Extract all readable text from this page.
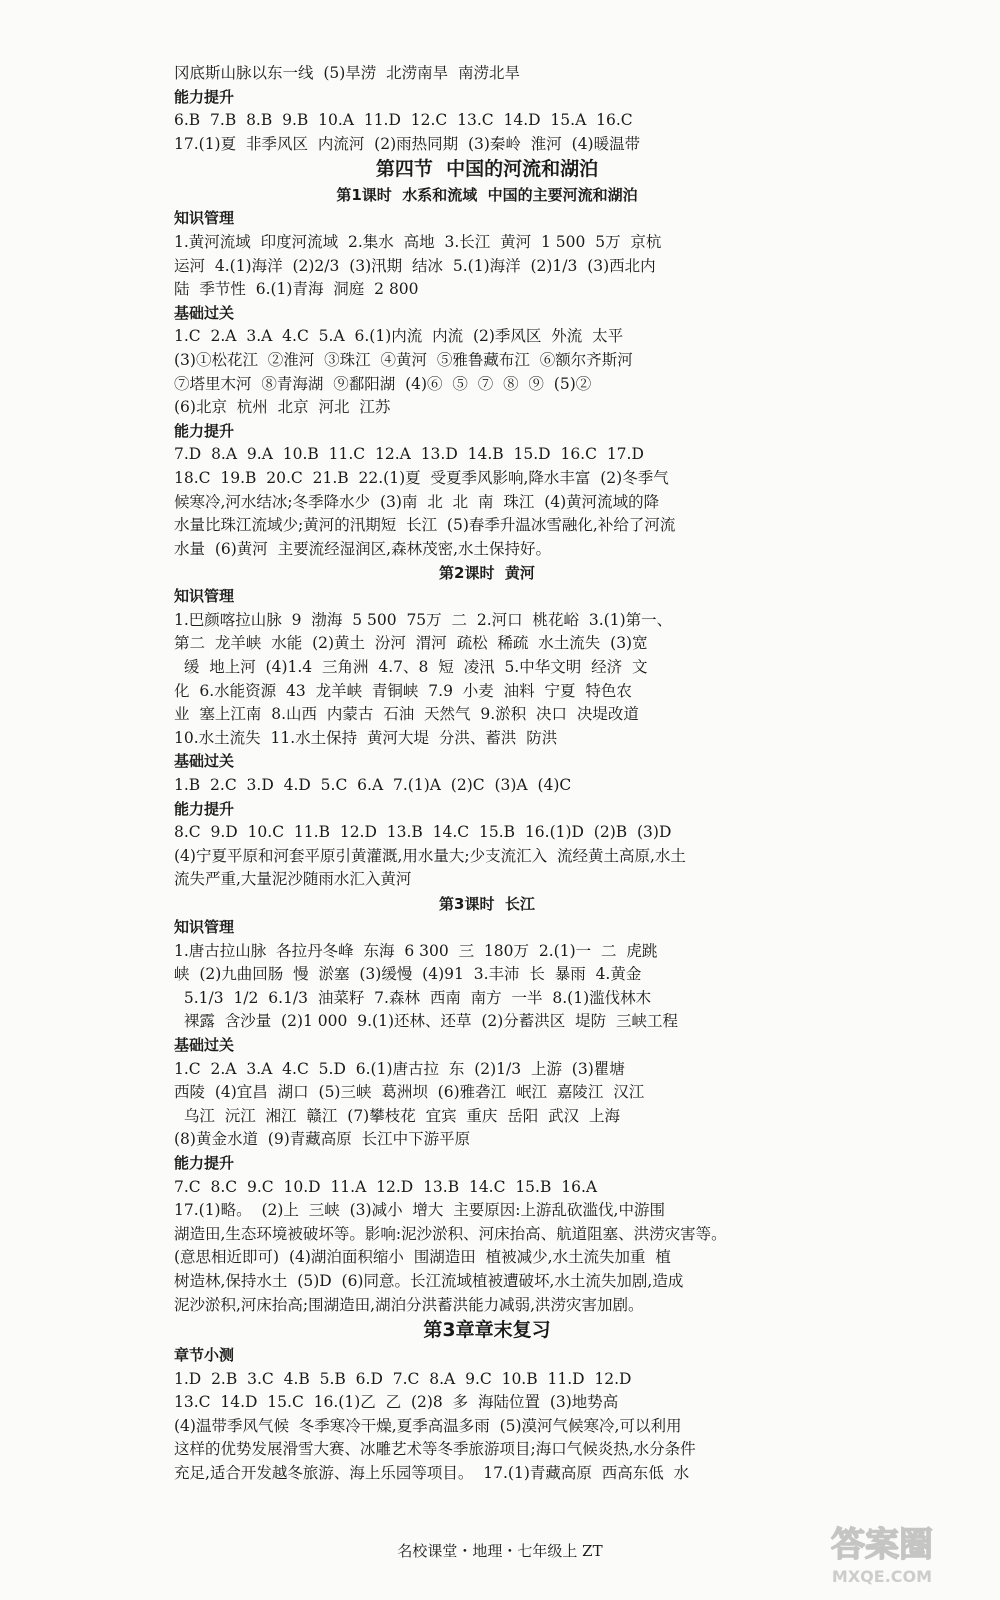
冈底斯山脉以东一线  (5)旱涝  北涝南旱  南涝北旱
能力提升
6.B  7.B  8.B  9.B  10.A  11.D  12.C  13.C  14.D  15.A  16.C
17.(1)夏  非季风区  内流河  (2)雨热同期  (3)秦岭  淮河  (4)暖温带
第四节  中国的河流和湖泊
第1课时  水系和流域  中国的主要河流和湖泊
知识管理
1.黄河流域  印度河流域  2.集水  高地  3.长江  黄河  1 500  5万  京杭
运河  4.(1)海洋  (2)2/3  (3)汛期  结冰  5.(1)海洋  (2)1/3  (3)西北内
陆  季节性  6.(1)青海  洞庭  2 800
基础过关
1.C  2.A  3.A  4.C  5.A  6.(1)内流  内流  (2)季风区  外流  太平
(3)①松花江  ②淮河  ③珠江  ④黄河  ⑤雅鲁藏布江  ⑥额尔齐斯河
⑦塔里木河  ⑧青海湖  ⑨鄱阳湖  (4)⑥  ⑤  ⑦  ⑧  ⑨  (5)②
(6)北京  杭州  北京  河北  江苏
能力提升
7.D  8.A  9.A  10.B  11.C  12.A  13.D  14.B  15.D  16.C  17.D
18.C  19.B  20.C  21.B  22.(1)夏  受夏季风影响,降水丰富  (2)冬季气
候寒冷,河水结冰;冬季降水少  (3)南  北  北  南  珠江  (4)黄河流域的降
水量比珠江流域少;黄河的汛期短  长江  (5)春季升温冰雪融化,补给了河流
水量  (6)黄河  主要流经湿润区,森林茂密,水土保持好。
第2课时  黄河
知识管理
1.巴颜喀拉山脉  9  渤海  5 500  75万  二  2.河口  桃花峪  3.(1)第一、
第二  龙羊峡  水能  (2)黄土  汾河  渭河  疏松  稀疏  水土流失  (3)宽
缓  地上河  (4)1.4  三角洲  4.7、8  短  凌汛  5.中华文明  经济  文
化  6.水能资源  43  龙羊峡  青铜峡  7.9  小麦  油料  宁夏  特色农
业  塞上江南  8.山西  内蒙古  石油  天然气  9.淤积  决口  决堤改道
10.水土流失  11.水土保持  黄河大堤  分洪、蓄洪  防洪
基础过关
1.B  2.C  3.D  4.D  5.C  6.A  7.(1)A  (2)C  (3)A  (4)C
能力提升
8.C  9.D  10.C  11.B  12.D  13.B  14.C  15.B  16.(1)D  (2)B  (3)D
(4)宁夏平原和河套平原引黄灌溉,用水量大;少支流汇入  流经黄土高原,水土
流失严重,大量泥沙随雨水汇入黄河
第3课时  长江
知识管理
1.唐古拉山脉  各拉丹冬峰  东海  6 300  三  180万  2.(1)一  二  虎跳
峡  (2)九曲回肠  慢  淤塞  (3)缓慢  (4)91  3.丰沛  长  暴雨  4.黄金
5.1/3  1/2  6.1/3  油菜籽  7.森林  西南  南方  一半  8.(1)滥伐林木
裸露  含沙量  (2)1 000  9.(1)还林、还草  (2)分蓄洪区  堤防  三峡工程
基础过关
1.C  2.A  3.A  4.C  5.D  6.(1)唐古拉  东  (2)1/3  上游  (3)瞿塘
西陵  (4)宜昌  湖口  (5)三峡  葛洲坝  (6)雅砻江  岷江  嘉陵江  汉江
乌江  沅江  湘江  赣江  (7)攀枝花  宜宾  重庆  岳阳  武汉  上海
(8)黄金水道  (9)青藏高原  长江中下游平原
能力提升
7.C  8.C  9.C  10.D  11.A  12.D  13.B  14.C  15.B  16.A
17.(1)略。  (2)上  三峡  (3)减小  增大  主要原因:上游乱砍滥伐,中游围
湖造田,生态环境被破坏等。影响:泥沙淤积、河床抬高、航道阻塞、洪涝灾害等。
(意思相近即可)  (4)湖泊面积缩小  围湖造田  植被减少,水土流失加重  植
树造林,保持水土  (5)D  (6)同意。长江流域植被遭破坏,水土流失加剧,造成
泥沙淤积,河床抬高;围湖造田,湖泊分洪蓄洪能力减弱,洪涝灾害加剧。
第3章章末复习
章节小测
1.D  2.B  3.C  4.B  5.B  6.D  7.C  8.A  9.C  10.B  11.D  12.D
13.C  14.D  15.C  16.(1)乙  乙  (2)8  多  海陆位置  (3)地势高
(4)温带季风气候  冬季寒冷干燥,夏季高温多雨  (5)漠河气候寒冷,可以利用
这样的优势发展滑雪大赛、冰雕艺术等冬季旅游项目;海口气候炎热,水分条件
充足,适合开发越冬旅游、海上乐园等项目。  17.(1)青藏高原  西高东低  水
名校课堂・地理・七年级上 ZT	答案圈
MXQE.COM
